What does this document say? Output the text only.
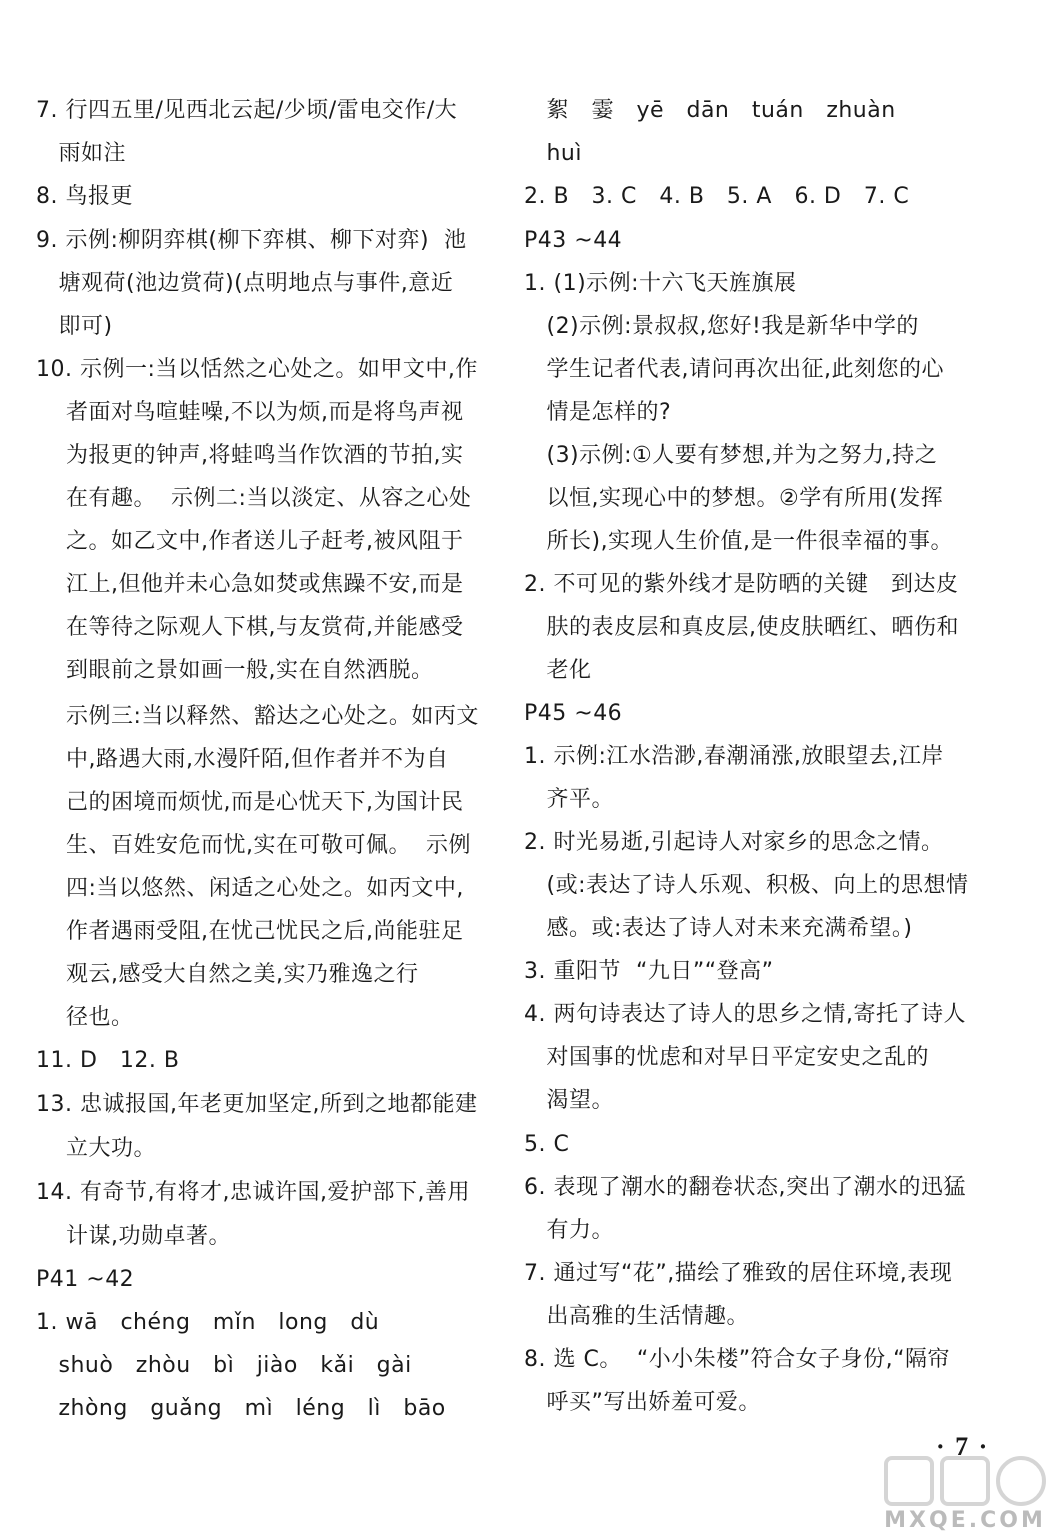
7. 行四五里/见西北云起/少顷/雷电交作/大
雨如注
8. 鸟报更
9. 示例:柳阴弈棋(柳下弈棋、柳下对弈)  池
塘观荷(池边赏荷)(点明地点与事件,意近
即可)
10. 示例一:当以恬然之心处之。如甲文中,作
者面对鸟喧蛙噪,不以为烦,而是将鸟声视
为报更的钟声,将蛙鸣当作饮酒的节拍,实
在有趣。  示例二:当以淡定、从容之心处
之。如乙文中,作者送儿子赶考,被风阻于
江上,但他并未心急如焚或焦躁不安,而是
在等待之际观人下棋,与友赏荷,并能感受
到眼前之景如画一般,实在自然洒脱。
示例三:当以释然、豁达之心处之。如丙文
中,路遇大雨,水漫阡陌,但作者并不为自
己的困境而烦忧,而是心忧天下,为国计民
生、百姓安危而忧,实在可敬可佩。  示例
四:当以悠然、闲适之心处之。如丙文中,
作者遇雨受阻,在忧己忧民之后,尚能驻足
观云,感受大自然之美,实乃雅逸之行
径也。
11. D   12. B
13. 忠诚报国,年老更加坚定,所到之地都能建
立大功。
14. 有奇节,有将才,忠诚许国,爱护部下,善用
计谋,功勋卓著。
P41 ~42
1. wā   chéng   mǐn   long   dù
shuò   zhòu   bì   jiào   kǎi   gài
zhòng   guǎng   mì   léng   lì   bāo
絮   霎   yē   dān   tuán   zhuàn
huì
2. B   3. C   4. B   5. A   6. D   7. C
P43 ~44
1. (1)示例:十六飞天旌旗展
(2)示例:景叔叔,您好!我是新华中学的
学生记者代表,请问再次出征,此刻您的心
情是怎样的?
(3)示例:①人要有梦想,并为之努力,持之
以恒,实现心中的梦想。②学有所用(发挥
所长),实现人生价值,是一件很幸福的事。
2. 不可见的紫外线才是防晒的关键   到达皮
肤的表皮层和真皮层,使皮肤晒红、晒伤和
老化
P45 ~46
1. 示例:江水浩渺,春潮涌涨,放眼望去,江岸
齐平。
2. 时光易逝,引起诗人对家乡的思念之情。
(或:表达了诗人乐观、积极、向上的思想情
感。或:表达了诗人对未来充满希望。)
3. 重阳节  “九日”“登高”
4. 两句诗表达了诗人的思乡之情,寄托了诗人
对国事的忧虑和对早日平定安史之乱的
渴望。
5. C
6. 表现了潮水的翻卷状态,突出了潮水的迅猛
有力。
7. 通过写“花”,描绘了雅致的居住环境,表现
出高雅的生活情趣。
8. 选 C。  “小小朱楼”符合女子身份,“隔帘
呼买”写出娇羞可爱。
· 7 ·
MXQE.COM
